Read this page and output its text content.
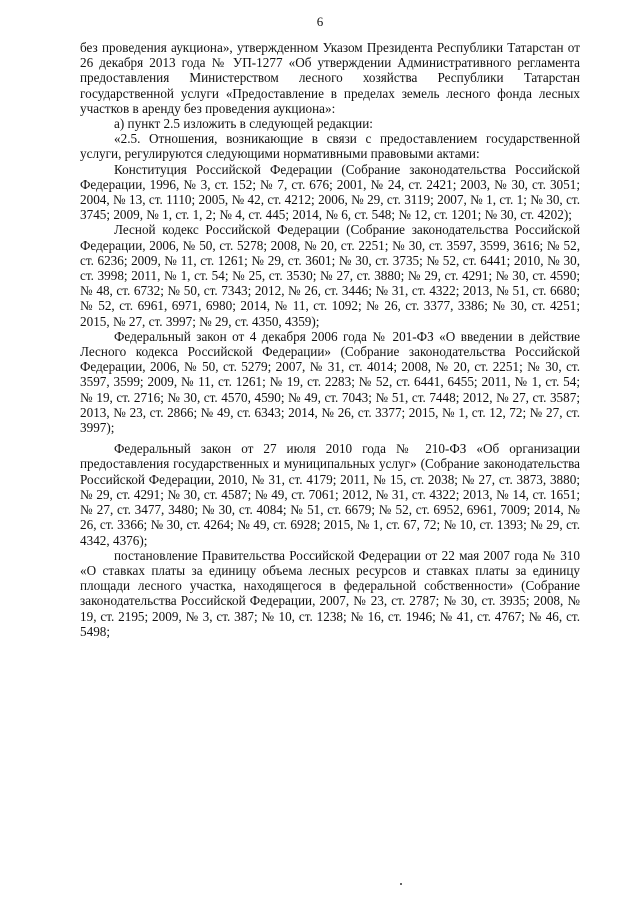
6

без проведения аукциона», утвержденном Указом Президента Республики Татарстан от 26 декабря 2013 года № УП-1277 «Об утверждении Административного регламента предоставления Министерством лесного хозяйства Республики Татарстан государственной услуги «Предоставление в пределах земель лесного фонда лесных участков в аренду без проведения аукциона»:

а) пункт 2.5 изложить в следующей редакции:

«2.5. Отношения, возникающие в связи с предоставлением государственной услуги, регулируются следующими нормативными правовыми актами:

Конституция Российской Федерации (Собрание законодательства Российской Федерации, 1996, № 3, ст. 152; № 7, ст. 676; 2001, № 24, ст. 2421; 2003, № 30, ст. 3051; 2004, № 13, ст. 1110; 2005, № 42, ст. 4212; 2006, № 29, ст. 3119; 2007, № 1, ст. 1; № 30, ст. 3745; 2009, № 1, ст. 1, 2; № 4, ст. 445; 2014, № 6, ст. 548; № 12, ст. 1201; № 30, ст. 4202);

Лесной кодекс Российской Федерации (Собрание законодательства Российской Федерации, 2006, № 50, ст. 5278; 2008, № 20, ст. 2251; № 30, ст. 3597, 3599, 3616; № 52, ст. 6236; 2009, № 11, ст. 1261; № 29, ст. 3601; № 30, ст. 3735; № 52, ст. 6441; 2010, № 30, ст. 3998; 2011, № 1, ст. 54; № 25, ст. 3530; № 27, ст. 3880; № 29, ст. 4291; № 30, ст. 4590; № 48, ст. 6732; № 50, ст. 7343; 2012, № 26, ст. 3446; № 31, ст. 4322; 2013, № 51, ст. 6680; № 52, ст. 6961, 6971, 6980; 2014, № 11, ст. 1092; № 26, ст. 3377, 3386; № 30, ст. 4251; 2015, № 27, ст. 3997; № 29, ст. 4350, 4359);

Федеральный закон от 4 декабря 2006 года № 201-ФЗ «О введении в действие Лесного кодекса Российской Федерации» (Собрание законодательства Российской Федерации, 2006, № 50, ст. 5279; 2007, № 31, ст. 4014; 2008, № 20, ст. 2251; № 30, ст. 3597, 3599; 2009, № 11, ст. 1261; № 19, ст. 2283; № 52, ст. 6441, 6455; 2011, № 1, ст. 54; № 19, ст. 2716; № 30, ст. 4570, 4590; № 49, ст. 7043; № 51, ст. 7448; 2012, № 27, ст. 3587; 2013, № 23, ст. 2866; № 49, ст. 6343; 2014, № 26, ст. 3377; 2015, № 1, ст. 12, 72; № 27, ст. 3997);

Федеральный закон от 27 июля 2010 года № 210-ФЗ «Об организации предоставления государственных и муниципальных услуг» (Собрание законодательства Российской Федерации, 2010, № 31, ст. 4179; 2011, № 15, ст. 2038; № 27, ст. 3873, 3880; № 29, ст. 4291; № 30, ст. 4587; № 49, ст. 7061; 2012, № 31, ст. 4322; 2013, № 14, ст. 1651; № 27, ст. 3477, 3480; № 30, ст. 4084; № 51, ст. 6679; № 52, ст. 6952, 6961, 7009; 2014, № 26, ст. 3366; № 30, ст. 4264; № 49, ст. 6928; 2015, № 1, ст. 67, 72; № 10, ст. 1393; № 29, ст. 4342, 4376);

постановление Правительства Российской Федерации от 22 мая 2007 года № 310 «О ставках платы за единицу объема лесных ресурсов и ставках платы за единицу площади лесного участка, находящегося в федеральной собственности» (Собрание законодательства Российской Федерации, 2007, № 23, ст. 2787; № 30, ст. 3935; 2008, № 19, ст. 2195; 2009, № 3, ст. 387; № 10, ст. 1238; № 16, ст. 1946; № 41, ст. 4767; № 46, ст. 5498;
